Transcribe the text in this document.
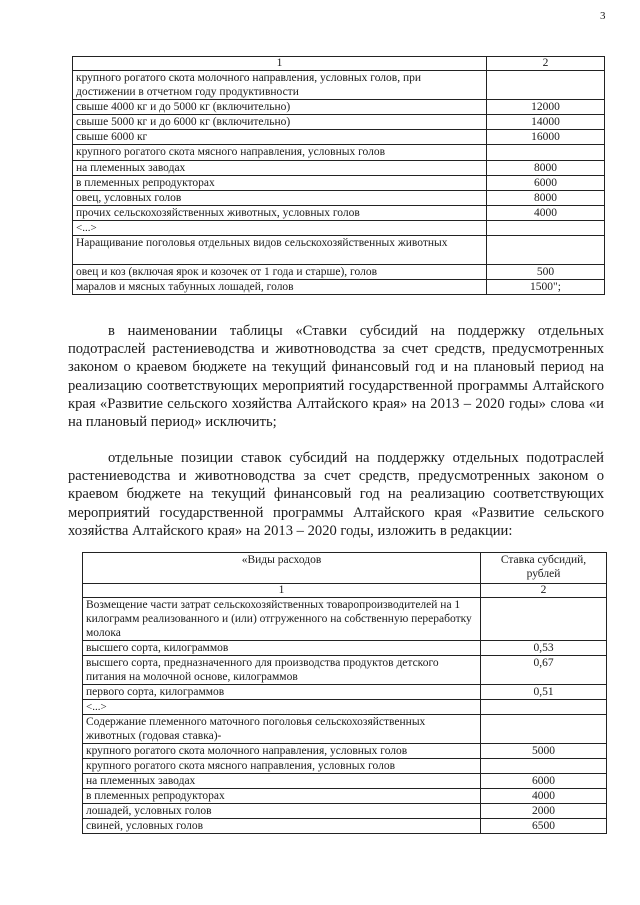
3
1	2
крупного рогатого скота молочного направления, условных голов, при достижении в отчетном году продуктивности	
свыше 4000 кг и до 5000 кг (включительно)	12000
свыше 5000 кг и до 6000 кг (включительно)	14000
свыше 6000 кг	16000
крупного рогатого скота мясного направления, условных голов	
на племенных заводах	8000
в племенных репродукторах	6000
овец, условных голов	8000
прочих сельскохозяйственных животных, условных голов	4000
<...>	
Наращивание поголовья отдельных видов сельскохозяйственных животных	
овец и коз (включая ярок и козочек от 1 года и старше), голов	500
маралов и мясных табунных лошадей, голов	1500";

в наименовании таблицы «Ставки субсидий на поддержку отдельных подотраслей растениеводства и животноводства за счет средств, предусмотренных законом о краевом бюджете на текущий финансовый год и на плановый период на реализацию соответствующих мероприятий государственной программы Алтайского края «Развитие сельского хозяйства Алтайского края» на 2013 – 2020 годы» слова «и на плановый период» исключить;

отдельные позиции ставок субсидий на поддержку отдельных подотраслей растениеводства и животноводства за счет средств, предусмотренных законом о краевом бюджете на текущий финансовый год на реализацию соответствующих мероприятий государственной программы Алтайского края «Развитие сельского хозяйства Алтайского края» на 2013 – 2020 годы, изложить в редакции:

«Виды расходов	Ставка субсидий, рублей
1	2
Возмещение части затрат сельскохозяйственных товаропроизводителей на 1 килограмм реализованного и (или) отгруженного на собственную переработку молока	
высшего сорта, килограммов	0,53
высшего сорта, предназначенного для производства продуктов детского питания на молочной основе, килограммов	0,67
первого сорта, килограммов	0,51
<...>	
Содержание племенного маточного поголовья сельскохозяйственных животных (годовая ставка)-	
крупного рогатого скота молочного направления, условных голов	5000
крупного рогатого скота мясного направления, условных голов	
на племенных заводах	6000
в племенных репродукторах	4000
лошадей, условных голов	2000
свиней, условных голов	6500
